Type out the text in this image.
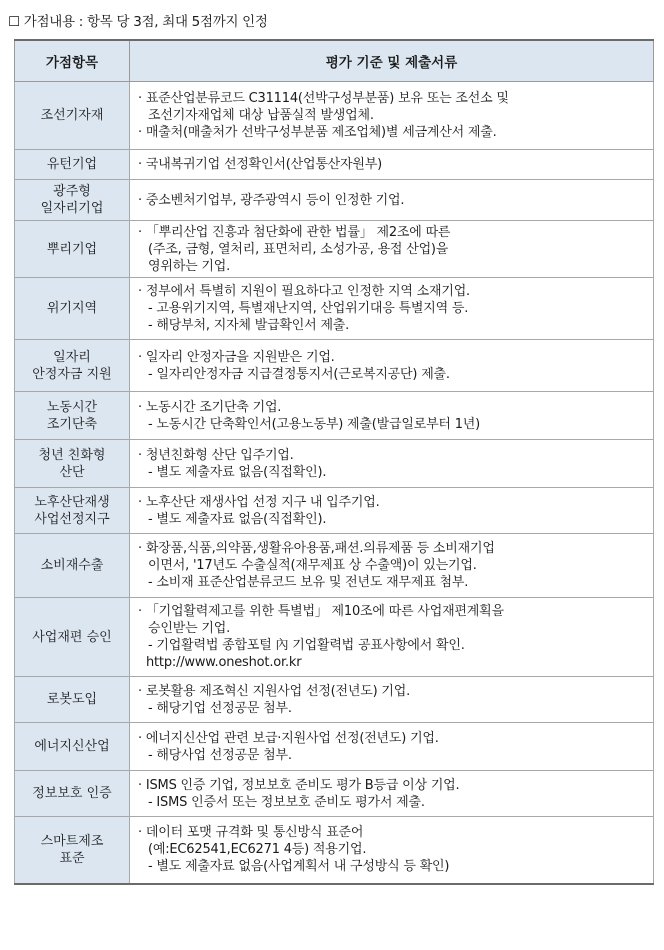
☐ 가점내용 : 항목 당 3점, 최대 5점까지 인정
가점항목	평가 기준 및 제출서류
조선기자재	· 표준산업분류코드 C31114(선박구성부분품) 보유 또는 조선소 및
조선기자재업체 대상 납품실적 발생업체.
· 매출처(매출처가 선박구성부분품 제조업체)별 세금계산서 제출.

유턴기업	· 국내복귀기업 선정확인서(산업통산자원부)

광주형
일자리기업	· 중소벤처기업부, 광주광역시 등이 인정한 기업.

뿌리기업	· 「뿌리산업 진흥과 첨단화에 관한 법률」 제2조에 따른
(주조, 금형, 열처리, 표면처리, 소성가공, 용접 산업)을
영위하는 기업.

위기지역	· 정부에서 특별히 지원이 필요하다고 인정한 지역 소재기업.
- 고용위기지역, 특별재난지역, 산업위기대응 특별지역 등.
- 해당부처, 지자체 발급확인서 제출.

일자리
안정자금 지원	· 일자리 안정자금을 지원받은 기업.
- 일자리안정자금 지급결정통지서(근로복지공단) 제출.

노동시간
조기단축	· 노동시간 조기단축 기업.
- 노동시간 단축확인서(고용노동부) 제출(발급일로부터 1년)

청년 친화형
산단	· 청년친화형 산단 입주기업.
- 별도 제출자료 없음(직접확인).

노후산단재생
사업선정지구	· 노후산단 재생사업 선정 지구 내 입주기업.
- 별도 제출자료 없음(직접확인).

소비재수출	· 화장품,식품,의약품,생활유아용품,패션.의류제품 등 소비재기업
이면서, '17년도 수출실적(재무제표 상 수출액)이 있는기업.
- 소비재 표준산업분류코드 보유 및 전년도 재무제표 첨부.

사업재편 승인	· 「기업활력제고를 위한 특별법」 제10조에 따른 사업재편계획을
승인받는 기업.
- 기업활력법 종합포털 內 기업활력법 공표사항에서 확인.
http://www.oneshot.or.kr

로봇도입	· 로봇활용 제조혁신 지원사업 선정(전년도) 기업.
- 해당기업 선정공문 첨부.

에너지신산업	· 에너지신산업 관련 보급·지원사업 선정(전년도) 기업.
- 해당사업 선정공문 첨부.

정보보호 인증	· ISMS 인증 기업, 정보보호 준비도 평가 B등급 이상 기업.
- ISMS 인증서 또는 정보보호 준비도 평가서 제출.

스마트제조
표준	· 데이터 포맷 규격화 및 통신방식 표준어
(예:EC62541,EC6271 4등) 적용기업.
- 별도 제출자료 없음(사업계획서 내 구성방식 등 확인)
